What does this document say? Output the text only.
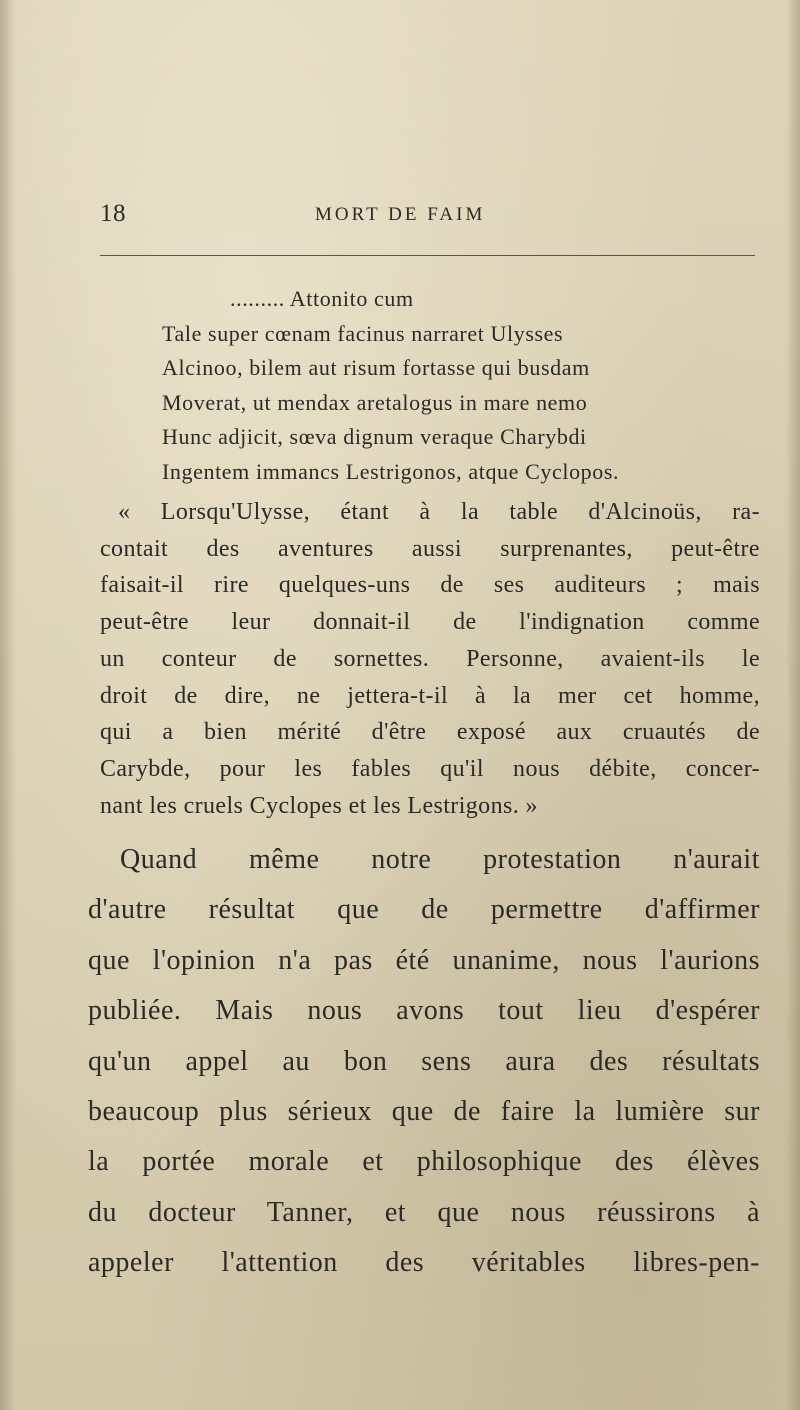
18	MORT DE FAIM
......... Attonito cum
Tale super cœnam facinus narraret Ulysses
Alcinoo, bilem aut risum fortasse qui busdam
Moverat, ut mendax aretalogus in mare nemo
Hunc adjicit, sœva dignum veraque Charybdi
Ingentem immancs Lestrigonos, atque Cyclopos.
« Lorsqu'Ulysse, étant à la table d'Alcinoüs, ra-
contait des aventures aussi surprenantes, peut-être
faisait-il rire quelques-uns de ses auditeurs ; mais
peut-être leur donnait-il de l'indignation comme
un conteur de sornettes. Personne, avaient-ils le
droit de dire, ne jettera-t-il à la mer cet homme,
qui a bien mérité d'être exposé aux cruautés de
Carybde, pour les fables qu'il nous débite, concer-
nant les cruels Cyclopes et les Lestrigons. »
Quand même notre protestation n'aurait
d'autre résultat que de permettre d'affirmer
que l'opinion n'a pas été unanime, nous l'aurions
publiée. Mais nous avons tout lieu d'espérer
qu'un appel au bon sens aura des résultats
beaucoup plus sérieux que de faire la lumière sur
la portée morale et philosophique des élèves
du docteur Tanner, et que nous réussirons à
appeler l'attention des véritables libres-pen-
